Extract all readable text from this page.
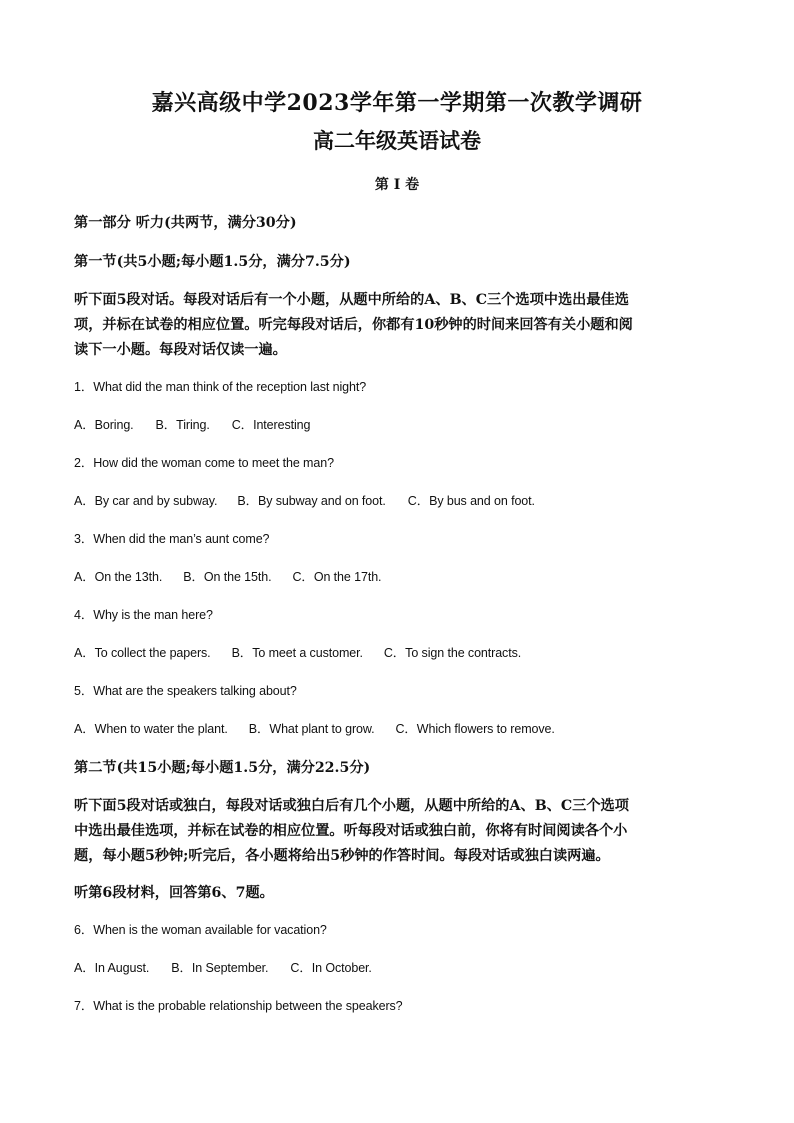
嘉兴高级中学2023学年第一学期第一次教学调研
高二年级英语试卷
第 I 卷
第一部分 听力(共两节，满分30分)
第一节(共5小题;每小题1.5分，满分7.5分)
听下面5段对话。每段对话后有一个小题，从题中所给的A、B、C三个选项中选出最佳选
项，并标在试卷的相应位置。听完每段对话后，你都有10秒钟的时间来回答有关小题和阅
读下一小题。每段对话仅读一遍。
1．What did the man think of the reception last night?
A．Boring. B．Tiring. C．Interesting
2．How did the woman come to meet the man?
A．By car and by subway. B．By subway and on foot. C．By bus and on foot.
3．When did the man’s aunt come?
A．On the 13th. B．On the 15th. C．On the 17th.
4．Why is the man here?
A．To collect the papers. B．To meet a customer. C．To sign the contracts.
5．What are the speakers talking about?
A．When to water the plant. B．What plant to grow. C．Which flowers to remove.
第二节(共15小题;每小题1.5分，满分22.5分)
听下面5段对话或独白，每段对话或独白后有几个小题，从题中所给的A、B、C三个选项
中选出最佳选项，并标在试卷的相应位置。听每段对话或独白前，你将有时间阅读各个小
题，每小题5秒钟;听完后，各小题将给出5秒钟的作答时间。每段对话或独白读两遍。
听第6段材料，回答第6、7题。
6．When is the woman available for vacation?
A．In August. B．In September. C．In October.
7．What is the probable relationship between the speakers?
